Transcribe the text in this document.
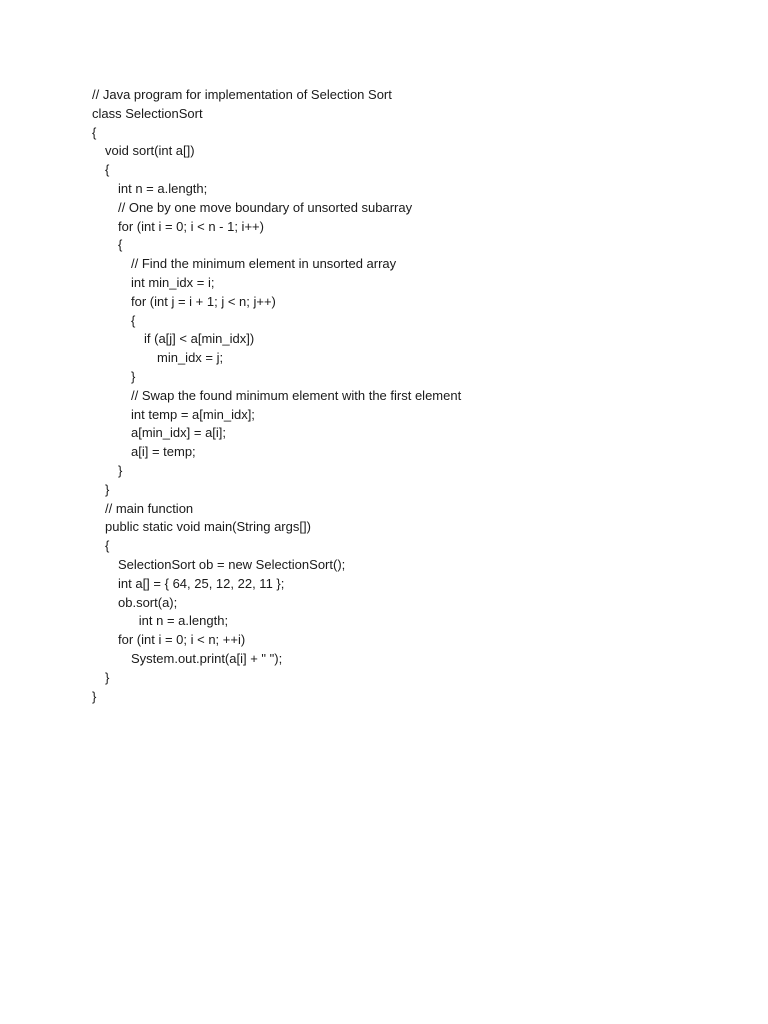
// Java program for implementation of Selection Sort
class SelectionSort
{
void sort(int a[])
{
int n = a.length;
// One by one move boundary of unsorted subarray
for (int i = 0; i < n - 1; i++)
{
// Find the minimum element in unsorted array
int min_idx = i;
for (int j = i + 1; j < n; j++)
{
if (a[j] < a[min_idx])
min_idx = j;
}
// Swap the found minimum element with the first element
int temp = a[min_idx];
a[min_idx] = a[i];
a[i] = temp;
}
}
// main function
public static void main(String args[])
{
SelectionSort ob = new SelectionSort();
int a[] = { 64, 25, 12, 22, 11 };
ob.sort(a);
int n = a.length;
for (int i = 0; i < n; ++i)
System.out.print(a[i] + " ");
}
}
